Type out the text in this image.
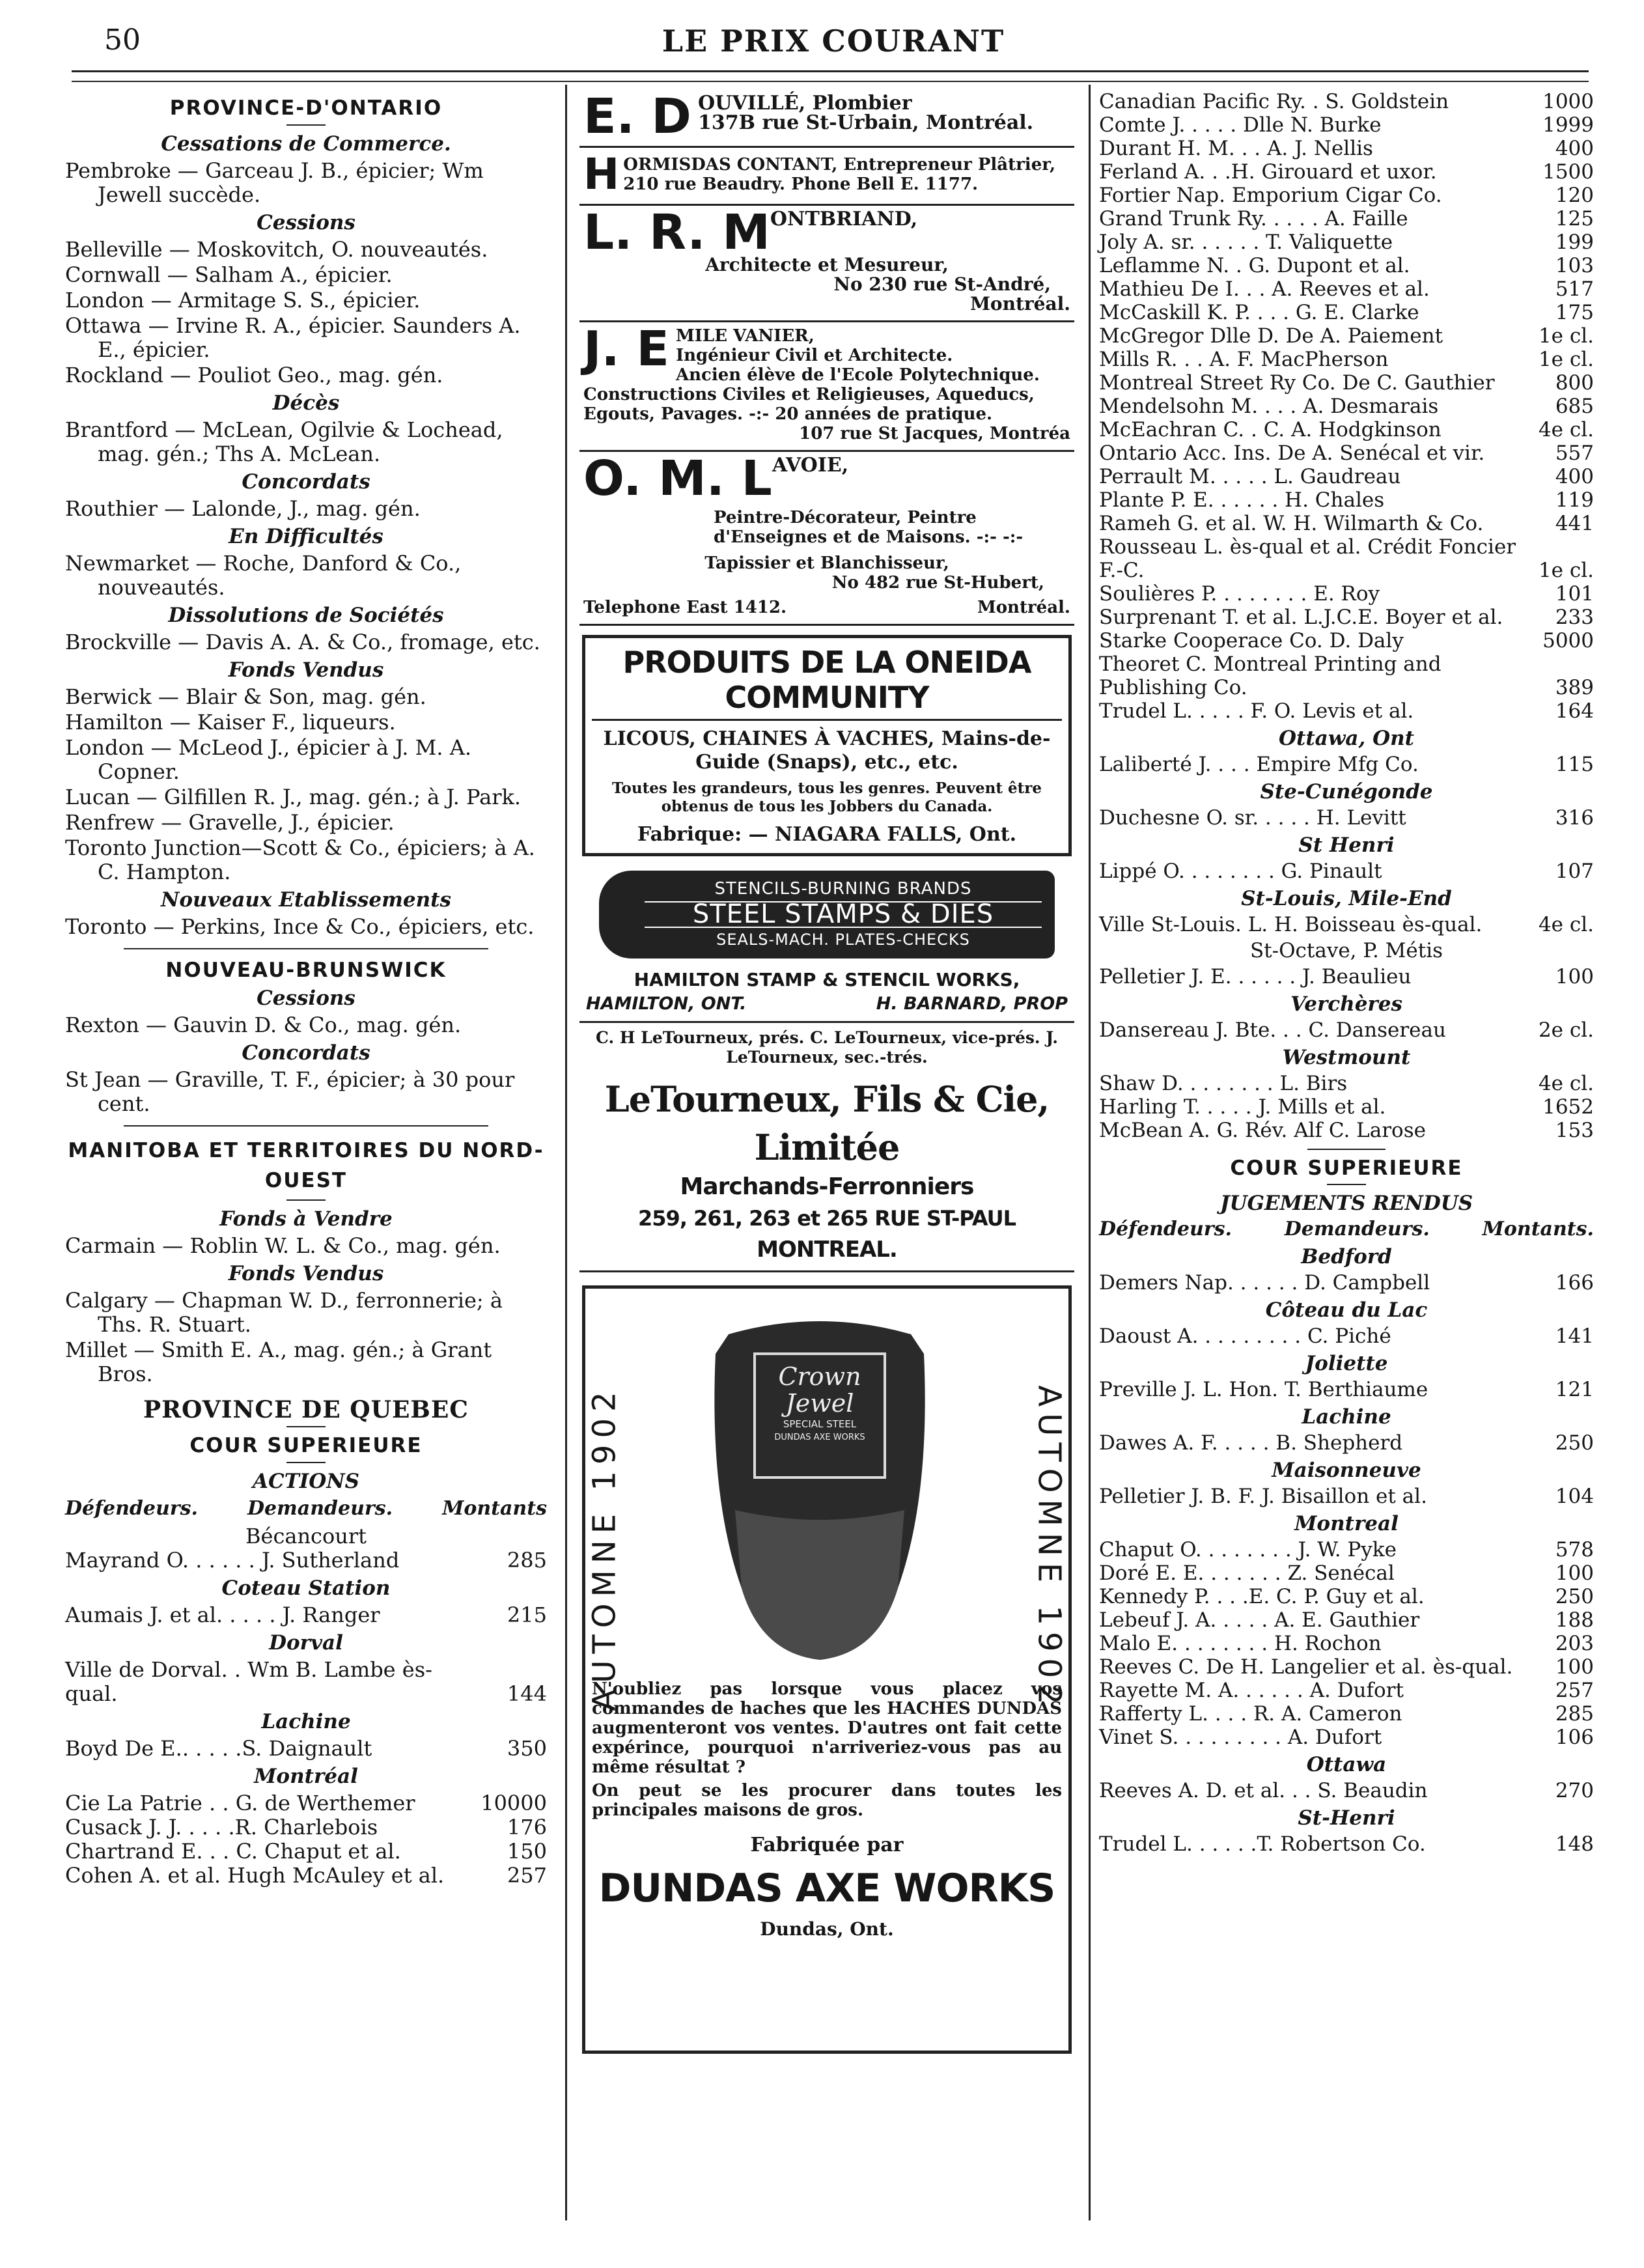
50	LE PRIX COURANT
PROVINCE-D'ONTARIO
Cessations de Commerce.
Pembroke — Garceau J. B., épicier; Wm Jewell succède.
Cessions
Belleville — Moskovitch, O. nouveautés.
Cornwall — Salham A., épicier.
London — Armitage S. S., épicier.
Ottawa — Irvine R. A., épicier. Saunders A. E., épicier.
Rockland — Pouliot Geo., mag. gén.
Décès
Brantford — McLean, Ogilvie & Lochead, mag. gén.; Ths A. McLean.
Concordats
Routhier — Lalonde, J., mag. gén.
En Difficultés
Newmarket — Roche, Danford & Co., nouveautés.
Dissolutions de Sociétés
Brockville — Davis A. A. & Co., fromage, etc.
Fonds Vendus
Berwick — Blair & Son, mag. gén.
Hamilton — Kaiser F., liqueurs.
London — McLeod J., épicier à J. M. A. Copner.
Lucan — Gilfillen R. J., mag. gén.; à J. Park.
Renfrew — Gravelle, J., épicier.
Toronto Junction—Scott & Co., épiciers; à A. C. Hampton.
Nouveaux Etablissements
Toronto — Perkins, Ince & Co., épiciers, etc.
NOUVEAU-BRUNSWICK
Cessions
Rexton — Gauvin D. & Co., mag. gén.
Concordats
St Jean — Graville, T. F., épicier; à 30 pour cent.
MANITOBA ET TERRITOIRES DU NORD-OUEST
Fonds à Vendre
Carmain — Roblin W. L. & Co., mag. gén.
Fonds Vendus
Calgary — Chapman W. D., ferronnerie; à Ths. R. Stuart.
Millet — Smith E. A., mag. gén.; à Grant Bros.
PROVINCE DE QUEBEC
COUR SUPERIEURE
ACTIONS
Défendeurs.	Demandeurs.	Montants
Bécancourt
Mayrand O. . . . . . J. Sutherland	285
Coteau Station
Aumais J. et al. . . . . J. Ranger	215
Dorval
Ville de Dorval. . Wm B. Lambe ès-qual.	144
Lachine
Boyd De E.. . . . .S. Daignault	350
Montréal
Cie La Patrie . . G. de Werthemer	10000
Cusack J. J. . . . .R. Charlebois	176
Chartrand E. . . C. Chaput et al.	150
Cohen A. et al. Hugh McAuley et al.	257
E. D OUVILLÉ, Plombier
137B rue St-Urbain, Montréal.
H ORMISDAS CONTANT, Entrepreneur Plâtrier, 210 rue Beaudry. Phone Bell E. 1177.
L. R. MONTBRIAND,
Architecte et Mesureur,
No 230 rue St-André,
Montréal.
J. E MILE VANIER,
Ingénieur Civil et Architecte.
Ancien élève de l'Ecole Polytechnique. Constructions Civiles et Religieuses, Aqueducs, Egouts, Pavages. -:- 20 années de pratique.
107 rue St Jacques, Montréa
O. M. LAVOIE,
Peintre-Décorateur, Peintre d'Enseignes et de Maisons. -:- -:-
Tapissier et Blanchisseur,
No 482 rue St-Hubert,
Telephone East 1412.	Montréal.
PRODUITS DE LA ONEIDA COMMUNITY
LICOUS, CHAINES À VACHES, Mains-de-Guide (Snaps), etc., etc.
Toutes les grandeurs, tous les genres. Peuvent être obtenus de tous les Jobbers du Canada.
Fabrique: — NIAGARA FALLS, Ont.
STENCILS-BURNING BRANDS
STEEL STAMPS & DIES
SEALS-MACH. PLATES-CHECKS
HAMILTON STAMP & STENCIL WORKS,
HAMILTON, ONT.	H. BARNARD, PROP
C. H LeTourneux, prés. C. LeTourneux, vice-prés. J. LeTourneux, sec.-trés.
LeTourneux, Fils & Cie, Limitée
Marchands-Ferronniers
259, 261, 263 et 265 RUE ST-PAUL
MONTREAL.
AUTOMNE 1902	AUTOMNE 1902
Crown
Jewel
SPECIAL STEEL
DUNDAS AXE WORKS
N'oubliez pas lorsque vous placez vos commandes de haches que les HACHES DUNDAS augmenteront vos ventes. D'autres ont fait cette expérince, pourquoi n'arriveriez-vous pas au même résultat ?
On peut se les procurer dans toutes les principales maisons de gros.
Fabriquée par
DUNDAS AXE WORKS
Dundas, Ont.
Canadian Pacific Ry. . S. Goldstein	1000
Comte J. . . . . Dlle N. Burke	1999
Durant H. M. . . A. J. Nellis	400
Ferland A. . .H. Girouard et uxor.	1500
Fortier Nap. Emporium Cigar Co.	120
Grand Trunk Ry. . . . . A. Faille	125
Joly A. sr. . . . . . T. Valiquette	199
Leflamme N. . G. Dupont et al.	103
Mathieu De I. . . A. Reeves et al.	517
McCaskill K. P. . . . G. E. Clarke	175
McGregor Dlle D. De A. Paiement	1e cl.
Mills R. . . A. F. MacPherson	1e cl.
Montreal Street Ry Co. De C. Gauthier	800
Mendelsohn M. . . . A. Desmarais	685
McEachran C. . C. A. Hodgkinson	4e cl.
Ontario Acc. Ins. De A. Senécal et vir.	557
Perrault M. . . . . L. Gaudreau	400
Plante P. E. . . . . . H. Chales	119
Rameh G. et al. W. H. Wilmarth & Co.	441
Rousseau L. ès-qual et al. Crédit Foncier F.-C.	1e cl.
Soulières P. . . . . . . . E. Roy	101
Surprenant T. et al. L.J.C.E. Boyer et al.	233
Starke Cooperace Co. D. Daly	5000
Theoret C. Montreal Printing and Publishing Co.	389
Trudel L. . . . . F. O. Levis et al.	164
Ottawa, Ont
Laliberté J. . . . Empire Mfg Co.	115
Ste-Cunégonde
Duchesne O. sr. . . . . H. Levitt	316
St Henri
Lippé O. . . . . . . . G. Pinault	107
St-Louis, Mile-End
Ville St-Louis. L. H. Boisseau ès-qual.	4e cl.
St-Octave, P. Métis
Pelletier J. E. . . . . . J. Beaulieu	100
Verchères
Dansereau J. Bte. . . C. Dansereau	2e cl.
Westmount
Shaw D. . . . . . . . L. Birs	4e cl.
Harling T. . . . . J. Mills et al.	1652
McBean A. G. Rév. Alf C. Larose	153
COUR SUPERIEURE
JUGEMENTS RENDUS
Défendeurs.	Demandeurs.	Montants.
Bedford
Demers Nap. . . . . . D. Campbell	166
Côteau du Lac
Daoust A. . . . . . . . . C. Piché	141
Joliette
Preville J. L. Hon. T. Berthiaume	121
Lachine
Dawes A. F. . . . . B. Shepherd	250
Maisonneuve
Pelletier J. B. F. J. Bisaillon et al.	104
Montreal
Chaput O. . . . . . . . J. W. Pyke	578
Doré E. E. . . . . . . Z. Senécal	100
Kennedy P. . . .E. C. P. Guy et al.	250
Lebeuf J. A. . . . . A. E. Gauthier	188
Malo E. . . . . . . . H. Rochon	203
Reeves C. De H. Langelier et al. ès-qual.	100
Rayette M. A. . . . . . A. Dufort	257
Rafferty L. . . . R. A. Cameron	285
Vinet S. . . . . . . . . A. Dufort	106
Ottawa
Reeves A. D. et al. . . S. Beaudin	270
St-Henri
Trudel L. . . . . .T. Robertson Co.	148
